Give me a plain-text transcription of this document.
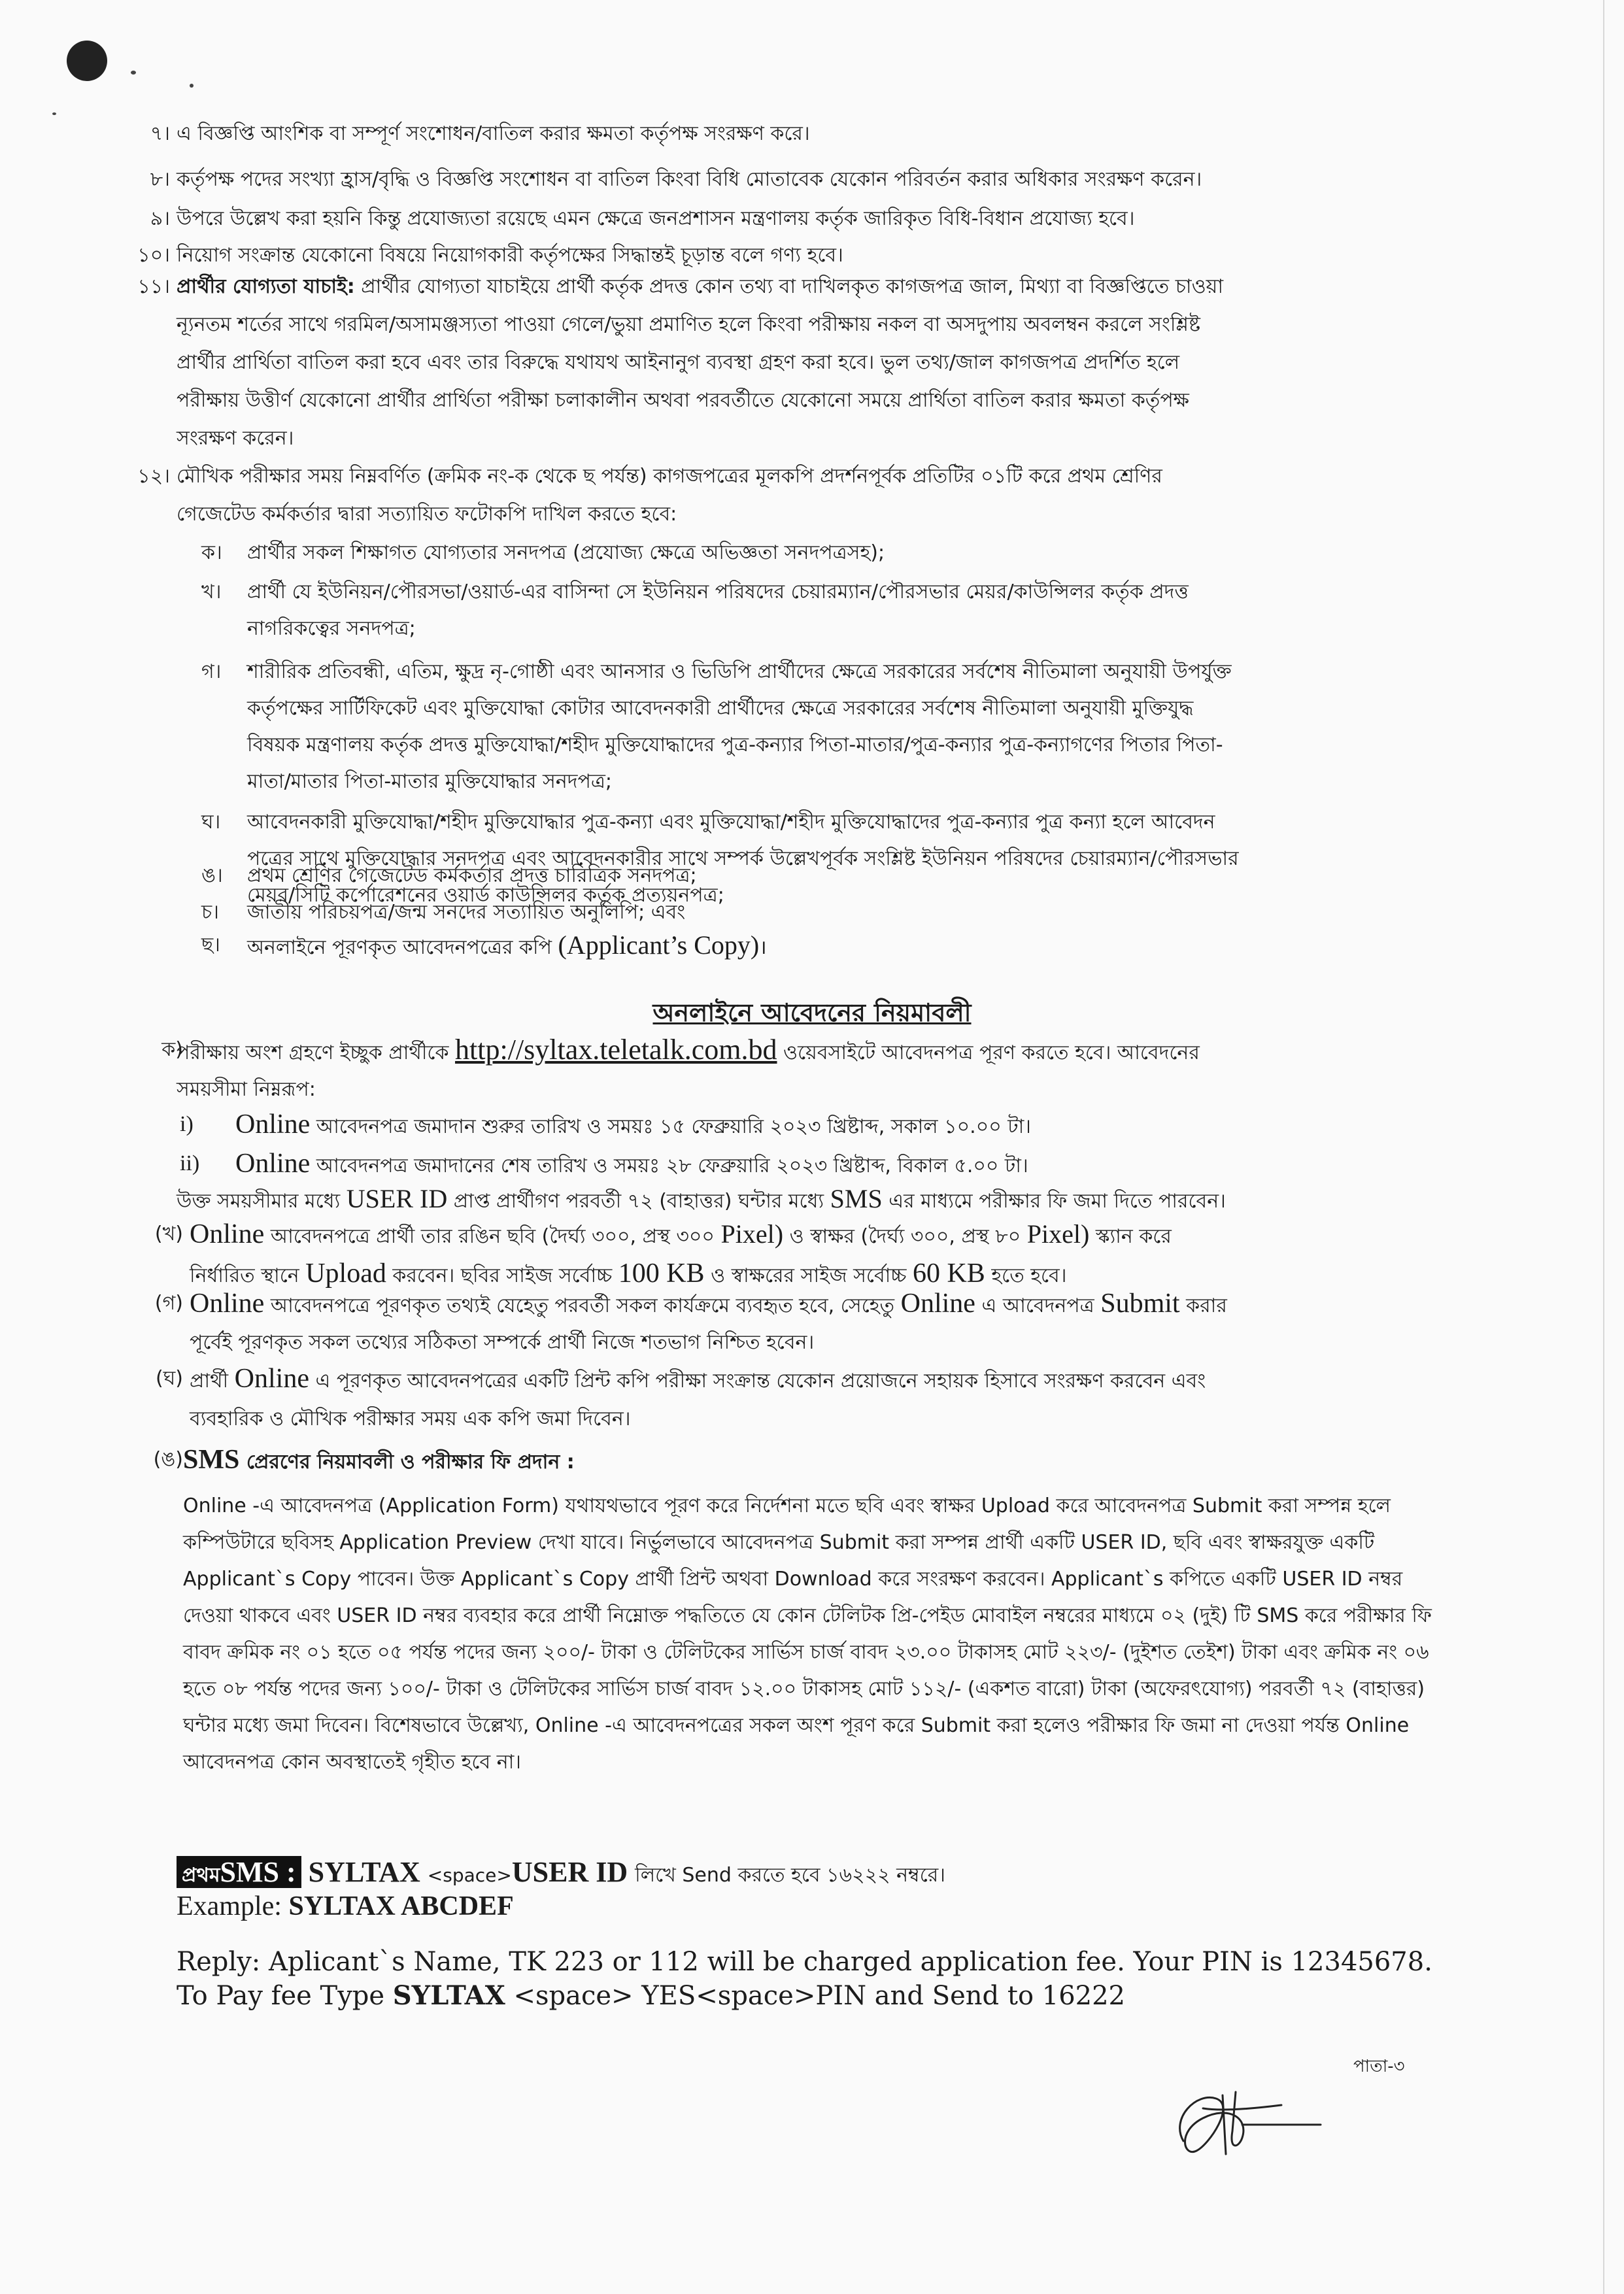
৭। এ বিজ্ঞপ্তি আংশিক বা সম্পূর্ণ সংশোধন/বাতিল করার ক্ষমতা কর্তৃপক্ষ সংরক্ষণ করে।
৮। কর্তৃপক্ষ পদের সংখ্যা হ্রাস/বৃদ্ধি ও বিজ্ঞপ্তি সংশোধন বা বাতিল কিংবা বিধি মোতাবেক যেকোন পরিবর্তন করার অধিকার সংরক্ষণ করেন।
৯। উপরে উল্লেখ করা হয়নি কিন্তু প্রযোজ্যতা রয়েছে এমন ক্ষেত্রে জনপ্রশাসন মন্ত্রণালয় কর্তৃক জারিকৃত বিধি-বিধান প্রযোজ্য হবে।
১০। নিয়োগ সংক্রান্ত যেকোনো বিষয়ে নিয়োগকারী কর্তৃপক্ষের সিদ্ধান্তই চূড়ান্ত বলে গণ্য হবে।
১১। প্রার্থীর যোগ্যতা যাচাই: প্রার্থীর যোগ্যতা যাচাইয়ে প্রার্থী কর্তৃক প্রদত্ত কোন তথ্য বা দাখিলকৃত কাগজপত্র জাল, মিথ্যা বা বিজ্ঞপ্তিতে চাওয়া
ন্যূনতম শর্তের সাথে গরমিল/অসামঞ্জস্যতা পাওয়া গেলে/ভুয়া প্রমাণিত হলে কিংবা পরীক্ষায় নকল বা অসদুপায় অবলম্বন করলে সংশ্লিষ্ট
প্রার্থীর প্রার্থিতা বাতিল করা হবে এবং তার বিরুদ্ধে যথাযথ আইনানুগ ব্যবস্থা গ্রহণ করা হবে। ভুল তথ্য/জাল কাগজপত্র প্রদর্শিত হলে
পরীক্ষায় উত্তীর্ণ যেকোনো প্রার্থীর প্রার্থিতা পরীক্ষা চলাকালীন অথবা পরবর্তীতে যেকোনো সময়ে প্রার্থিতা বাতিল করার ক্ষমতা কর্তৃপক্ষ
সংরক্ষণ করেন।
১২। মৌখিক পরীক্ষার সময় নিম্নবর্ণিত (ক্রমিক নং-ক থেকে ছ পর্যন্ত) কাগজপত্রের মূলকপি প্রদর্শনপূর্বক প্রতিটির ০১টি করে প্রথম শ্রেণির
গেজেটেড কর্মকর্তার দ্বারা সত্যায়িত ফটোকপি দাখিল করতে হবে:
ক। প্রার্থীর সকল শিক্ষাগত যোগ্যতার সনদপত্র (প্রযোজ্য ক্ষেত্রে অভিজ্ঞতা সনদপত্রসহ);
খ। প্রার্থী যে ইউনিয়ন/পৌরসভা/ওয়ার্ড-এর বাসিন্দা সে ইউনিয়ন পরিষদের চেয়ারম্যান/পৌরসভার মেয়র/কাউন্সিলর কর্তৃক প্রদত্ত
নাগরিকত্বের সনদপত্র;
গ। শারীরিক প্রতিবন্ধী, এতিম, ক্ষুদ্র নৃ-গোষ্ঠী এবং আনসার ও ভিডিপি প্রার্থীদের ক্ষেত্রে সরকারের সর্বশেষ নীতিমালা অনুযায়ী উপর্যুক্ত
কর্তৃপক্ষের সার্টিফিকেট এবং মুক্তিযোদ্ধা কোটার আবেদনকারী প্রার্থীদের ক্ষেত্রে সরকারের সর্বশেষ নীতিমালা অনুযায়ী মুক্তিযুদ্ধ
বিষয়ক মন্ত্রণালয় কর্তৃক প্রদত্ত মুক্তিযোদ্ধা/শহীদ মুক্তিযোদ্ধাদের পুত্র-কন্যার পিতা-মাতার/পুত্র-কন্যার পুত্র-কন্যাগণের পিতার পিতা-
মাতা/মাতার পিতা-মাতার মুক্তিযোদ্ধার সনদপত্র;
ঘ। আবেদনকারী মুক্তিযোদ্ধা/শহীদ মুক্তিযোদ্ধার পুত্র-কন্যা এবং মুক্তিযোদ্ধা/শহীদ মুক্তিযোদ্ধাদের পুত্র-কন্যার পুত্র কন্যা হলে আবেদন
পত্রের সাথে মুক্তিযোদ্ধার সনদপত্র এবং আবেদনকারীর সাথে সম্পর্ক উল্লেখপূর্বক সংশ্লিষ্ট ইউনিয়ন পরিষদের চেয়ারম্যান/পৌরসভার
মেয়র/সিটি কর্পোরেশনের ওয়ার্ড কাউন্সিলর কর্তৃক প্রত্যয়নপত্র;
ঙ। প্রথম শ্রেণির গেজেটেড কর্মকর্তার প্রদত্ত চারিত্রিক সনদপত্র;
চ। জাতীয় পরিচয়পত্র/জন্ম সনদের সত্যায়িত অনুলিপি; এবং
ছ। অনলাইনে পূরণকৃত আবেদনপত্রের কপি (Applicant’s Copy)।
অনলাইনে আবেদনের নিয়মাবলী
ক)
পরীক্ষায় অংশ গ্রহণে ইচ্ছুক প্রার্থীকে http://syltax.teletalk.com.bd ওয়েবসাইটে আবেদনপত্র পূরণ করতে হবে। আবেদনের
সময়সীমা নিম্নরূপ:
i) Online আবেদনপত্র জমাদান শুরুর তারিখ ও সময়ঃ ১৫ ফেব্রুয়ারি ২০২৩ খ্রিষ্টাব্দ, সকাল ১০.০০ টা।
ii) Online আবেদনপত্র জমাদানের শেষ তারিখ ও সময়ঃ ২৮ ফেব্রুয়ারি ২০২৩ খ্রিষ্টাব্দ, বিকাল ৫.০০ টা।
উক্ত সময়সীমার মধ্যে USER ID প্রাপ্ত প্রার্থীগণ পরবর্তী ৭২ (বাহাত্তর) ঘন্টার মধ্যে SMS এর মাধ্যমে পরীক্ষার ফি জমা দিতে পারবেন।
(খ) Online আবেদনপত্রে প্রার্থী তার রঙিন ছবি (দৈর্ঘ্য ৩০০, প্রস্থ ৩০০ Pixel) ও স্বাক্ষর (দৈর্ঘ্য ৩০০, প্রস্থ ৮০ Pixel) স্ক্যান করে
নির্ধারিত স্থানে Upload করবেন। ছবির সাইজ সর্বোচ্চ 100 KB ও স্বাক্ষরের সাইজ সর্বোচ্চ 60 KB হতে হবে।
(গ) Online আবেদনপত্রে পূরণকৃত তথ্যই যেহেতু পরবর্তী সকল কার্যক্রমে ব্যবহৃত হবে, সেহেতু Online এ আবেদনপত্র Submit করার
পূর্বেই পূরণকৃত সকল তথ্যের সঠিকতা সম্পর্কে প্রার্থী নিজে শতভাগ নিশ্চিত হবেন।
(ঘ) প্রার্থী Online এ পূরণকৃত আবেদনপত্রের একটি প্রিন্ট কপি পরীক্ষা সংক্রান্ত যেকোন প্রয়োজনে সহায়ক হিসাবে সংরক্ষণ করবেন এবং
ব্যবহারিক ও মৌখিক পরীক্ষার সময় এক কপি জমা দিবেন।
(ঙ) SMS প্রেরণের নিয়মাবলী ও পরীক্ষার ফি প্রদান :
Online -এ আবেদনপত্র (Application Form) যথাযথভাবে পূরণ করে নির্দেশনা মতে ছবি এবং স্বাক্ষর Upload করে আবেদনপত্র Submit করা সম্পন্ন হলে কম্পিউটারে ছবিসহ Application Preview দেখা যাবে। নির্ভুলভাবে আবেদনপত্র Submit করা সম্পন্ন প্রার্থী একটি USER ID, ছবি এবং স্বাক্ষরযুক্ত একটি Applicant`s Copy পাবেন। উক্ত Applicant`s Copy প্রার্থী প্রিন্ট অথবা Download করে সংরক্ষণ করবেন। Applicant`s কপিতে একটি USER ID নম্বর দেওয়া থাকবে এবং USER ID নম্বর ব্যবহার করে প্রার্থী নিম্নোক্ত পদ্ধতিতে যে কোন টেলিটক প্রি-পেইড মোবাইল নম্বরের মাধ্যমে ০২ (দুই) টি SMS করে পরীক্ষার ফি বাবদ ক্রমিক নং ০১ হতে ০৫ পর্যন্ত পদের জন্য ২০০/- টাকা ও টেলিটকের সার্ভিস চার্জ বাবদ ২৩.০০ টাকাসহ মোট ২২৩/- (দুইশত তেইশ) টাকা এবং ক্রমিক নং ০৬ হতে ০৮ পর্যন্ত পদের জন্য ১০০/- টাকা ও টেলিটকের সার্ভিস চার্জ বাবদ ১২.০০ টাকাসহ মোট ১১২/- (একশত বারো) টাকা (অফেরৎযোগ্য) পরবর্তী ৭২ (বাহাত্তর) ঘন্টার মধ্যে জমা দিবেন। বিশেষভাবে উল্লেখ্য, Online -এ আবেদনপত্রের সকল অংশ পূরণ করে Submit করা হলেও পরীক্ষার ফি জমা না দেওয়া পর্যন্ত Online আবেদনপত্র কোন অবস্থাতেই গৃহীত হবে না।
প্রথমSMS : SYLTAX <space>USER ID লিখে Send করতে হবে ১৬২২২ নম্বরে।
Example: SYLTAX ABCDEF
Reply: Aplicant`s Name, TK 223 or 112 will be charged application fee. Your PIN is 12345678. To Pay fee Type SYLTAX <space> YES<space>PIN and Send to 16222
পাতা-৩
